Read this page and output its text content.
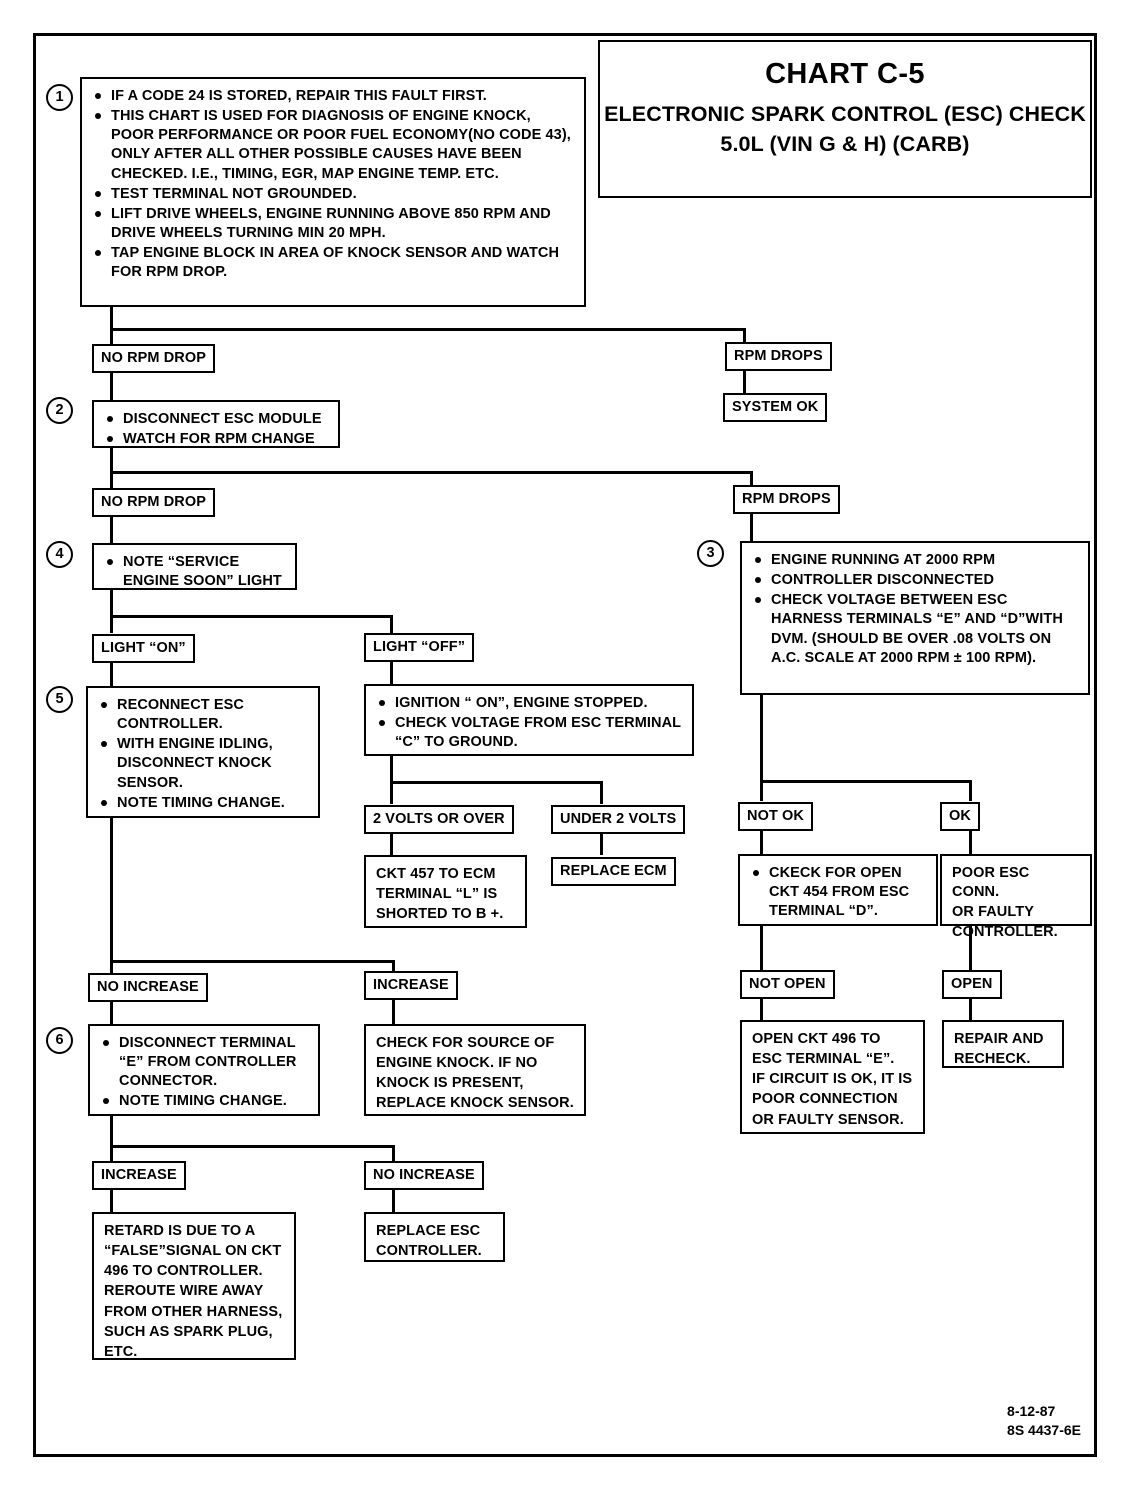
CHART C-5
ELECTRONIC SPARK CONTROL (ESC) CHECK
5.0L (VIN G & H) (CARB)
1
2
3
4
5
6
IF A CODE 24 IS STORED, REPAIR THIS FAULT FIRST.
THIS CHART IS USED FOR DIAGNOSIS OF ENGINE KNOCK, POOR PERFORMANCE OR POOR FUEL ECONOMY(NO CODE 43), ONLY AFTER ALL OTHER POSSIBLE CAUSES HAVE BEEN CHECKED. I.E., TIMING, EGR, MAP ENGINE TEMP. ETC.
TEST TERMINAL NOT GROUNDED.
LIFT DRIVE WHEELS, ENGINE RUNNING ABOVE 850 RPM AND DRIVE WHEELS TURNING MIN 20 MPH.
TAP ENGINE BLOCK IN AREA OF KNOCK SENSOR AND WATCH FOR RPM DROP.
NO RPM DROP	RPM DROPS
SYSTEM OK
DISCONNECT ESC MODULE
WATCH FOR RPM CHANGE
NO RPM DROP	RPM DROPS
NOTE “SERVICE ENGINE SOON” LIGHT
ENGINE RUNNING AT 2000 RPM
CONTROLLER DISCONNECTED
CHECK VOLTAGE BETWEEN ESC HARNESS TERMINALS “E” AND “D”WITH DVM. (SHOULD BE OVER .08 VOLTS ON A.C. SCALE AT 2000 RPM ± 100 RPM).
LIGHT “ON”	LIGHT “OFF”
RECONNECT ESC CONTROLLER.
WITH ENGINE IDLING, DISCONNECT KNOCK SENSOR.
NOTE TIMING CHANGE.
IGNITION “ ON”, ENGINE STOPPED.
CHECK VOLTAGE FROM ESC TERMINAL “C” TO GROUND.
2 VOLTS OR OVER	UNDER 2 VOLTS
CKT 457 TO ECM
TERMINAL “L” IS
SHORTED TO B +.
REPLACE ECM
NOT OK	OK
CKECK FOR OPEN CKT 454 FROM ESC TERMINAL “D”.
POOR ESC CONN.
OR FAULTY
CONTROLLER.
NOT OPEN	OPEN
OPEN CKT 496 TO
ESC TERMINAL “E”.
IF CIRCUIT IS OK, IT IS
POOR CONNECTION
OR FAULTY SENSOR.
REPAIR AND
RECHECK.
NO INCREASE	INCREASE
DISCONNECT TERMINAL “E” FROM CONTROLLER CONNECTOR.
NOTE TIMING CHANGE.
CHECK FOR SOURCE OF
ENGINE KNOCK. IF NO
KNOCK IS PRESENT,
REPLACE KNOCK SENSOR.
INCREASE	NO INCREASE
RETARD IS DUE TO A
“FALSE”SIGNAL ON CKT
496 TO CONTROLLER.
REROUTE WIRE AWAY
FROM OTHER HARNESS,
SUCH AS SPARK PLUG,
ETC.
REPLACE ESC
CONTROLLER.
8-12-87
8S 4437-6E
